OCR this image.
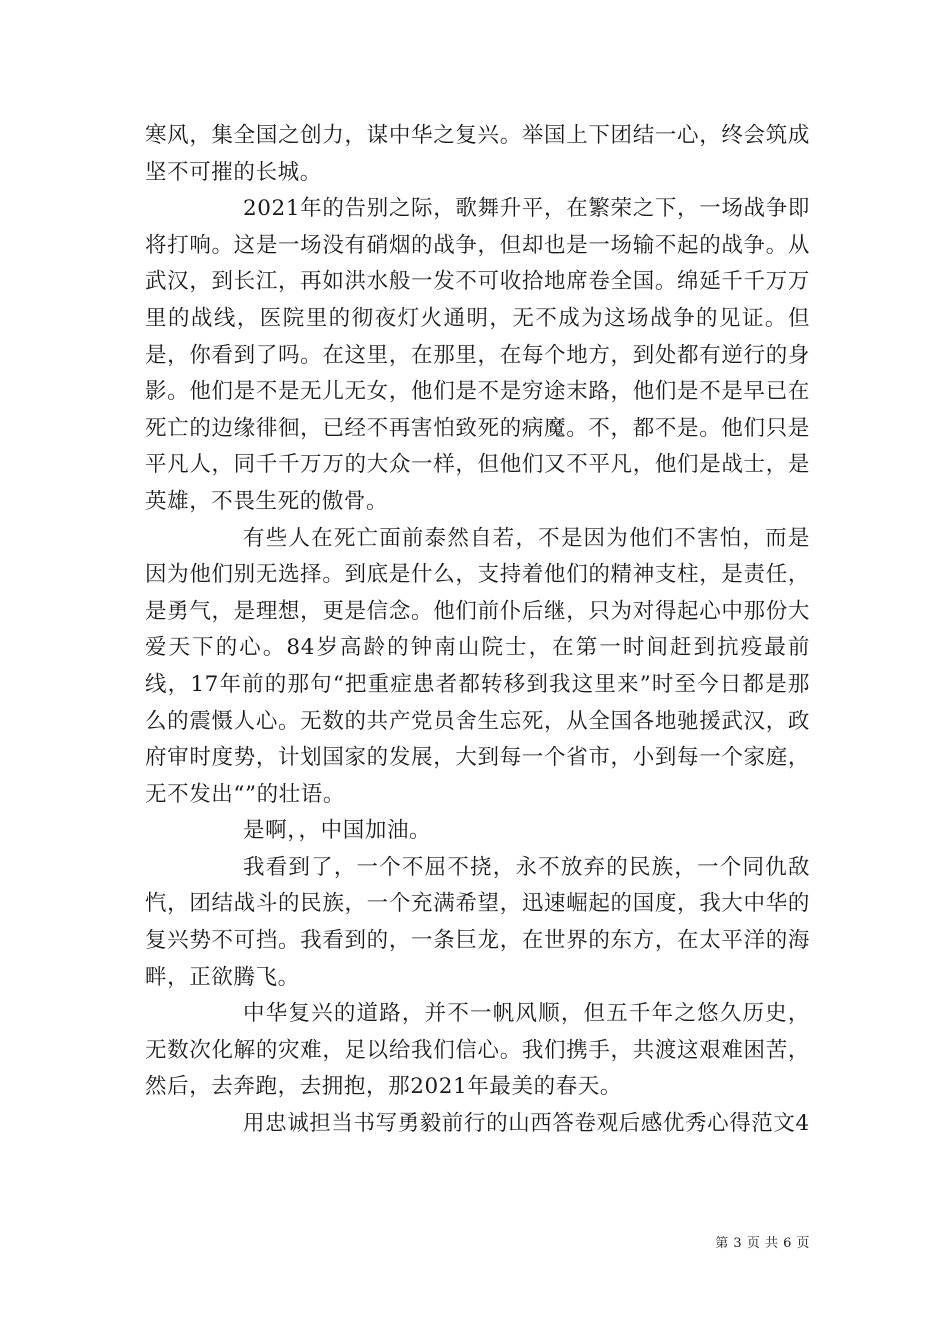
寒风，集全国之创力，谋中华之复兴。举国上下团结一心，终会筑成坚不可摧的长城。

2021年的告别之际，歌舞升平，在繁荣之下，一场战争即将打响。这是一场没有硝烟的战争，但却也是一场输不起的战争。从武汉，到长江，再如洪水般一发不可收拾地席卷全国。绵延千千万万里的战线，医院里的彻夜灯火通明，无不成为这场战争的见证。但是，你看到了吗。在这里，在那里，在每个地方，到处都有逆行的身影。他们是不是无儿无女，他们是不是穷途末路，他们是不是早已在死亡的边缘徘徊，已经不再害怕致死的病魔。不，都不是。他们只是平凡人，同千千万万的大众一样，但他们又不平凡，他们是战士，是英雄，不畏生死的傲骨。

有些人在死亡面前泰然自若，不是因为他们不害怕，而是因为他们别无选择。到底是什么，支持着他们的精神支柱，是责任，是勇气，是理想，更是信念。他们前仆后继，只为对得起心中那份大爱天下的心。84岁高龄的钟南山院士，在第一时间赶到抗疫最前线，17年前的那句“把重症患者都转移到我这里来”时至今日都是那么的震慑人心。无数的共产党员舍生忘死，从全国各地驰援武汉，政府审时度势，计划国家的发展，大到每一个省市，小到每一个家庭，无不发出“”的壮语。

是啊，，中国加油。

我看到了，一个不屈不挠，永不放弃的民族，一个同仇敌忾，团结战斗的民族，一个充满希望，迅速崛起的国度，我大中华的复兴势不可挡。我看到的，一条巨龙，在世界的东方，在太平洋的海畔，正欲腾飞。

中华复兴的道路，并不一帆风顺，但五千年之悠久历史，无数次化解的灾难，足以给我们信心。我们携手，共渡这艰难困苦，然后，去奔跑，去拥抱，那2021年最美的春天。

用忠诚担当书写勇毅前行的山西答卷观后感优秀心得范文4

第 3 页 共 6 页
